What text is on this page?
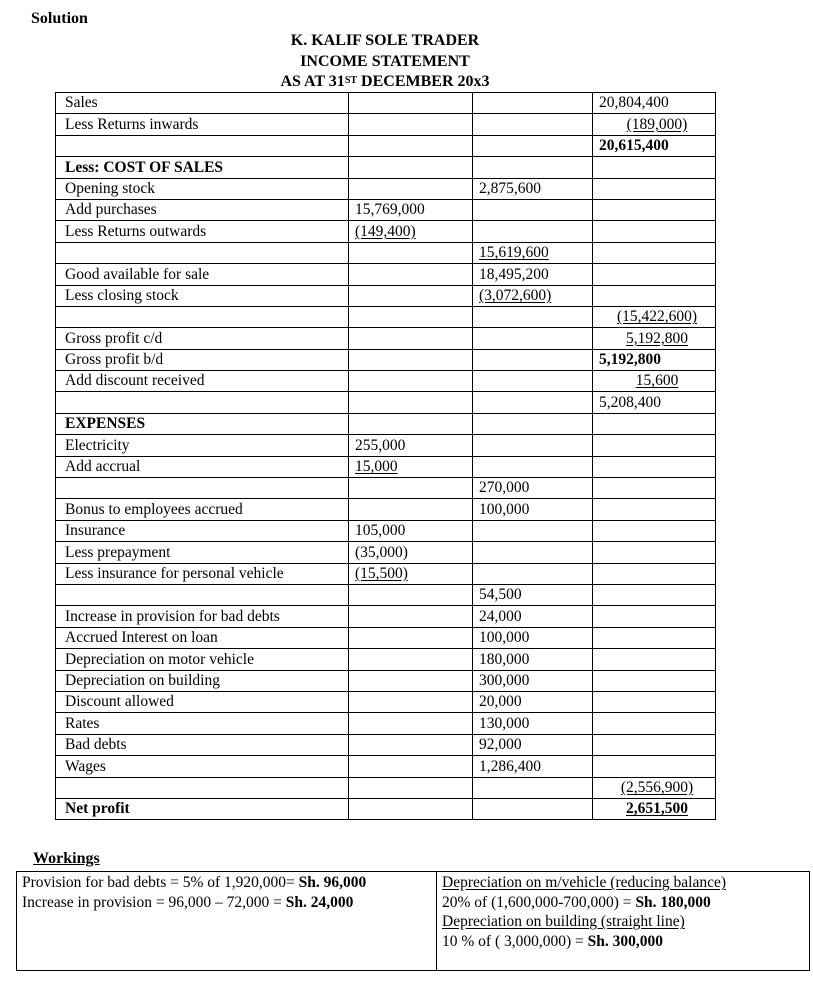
Solution
K. KALIF SOLE TRADER
INCOME STATEMENT
AS AT 31ST DECEMBER 20x3
Sales			20,804,400
Less Returns inwards			(189,000)
			20,615,400
Less: COST OF SALES			
Opening stock		2,875,600	
Add purchases	15,769,000		
Less Returns outwards	(149,400)		
		15,619,600	
Good available for sale		18,495,200	
Less closing stock		(3,072,600)	
			(15,422,600)
Gross profit c/d			5,192,800
Gross profit b/d			5,192,800
Add discount received			15,600
			5,208,400
EXPENSES			
Electricity	255,000		
Add accrual	15,000		
		270,000	
Bonus to employees accrued		100,000	
Insurance	105,000		
Less prepayment	(35,000)		
Less insurance for personal vehicle	(15,500)		
		54,500	
Increase in provision for bad debts		24,000	
Accrued Interest on loan		100,000	
Depreciation on motor vehicle		180,000	
Depreciation on building		300,000	
Discount allowed		20,000	
Rates		130,000	
Bad debts		92,000	
Wages		1,286,400	
			(2,556,900)
Net profit			2,651,500
Workings
Provision for bad debts = 5% of 1,920,000= Sh. 96,000
Increase in provision = 96,000 – 72,000 = Sh. 24,000

Depreciation on m/vehicle (reducing balance)
20% of (1,600,000-700,000) = Sh. 180,000
Depreciation on building (straight line)
10 % of ( 3,000,000) = Sh. 300,000
